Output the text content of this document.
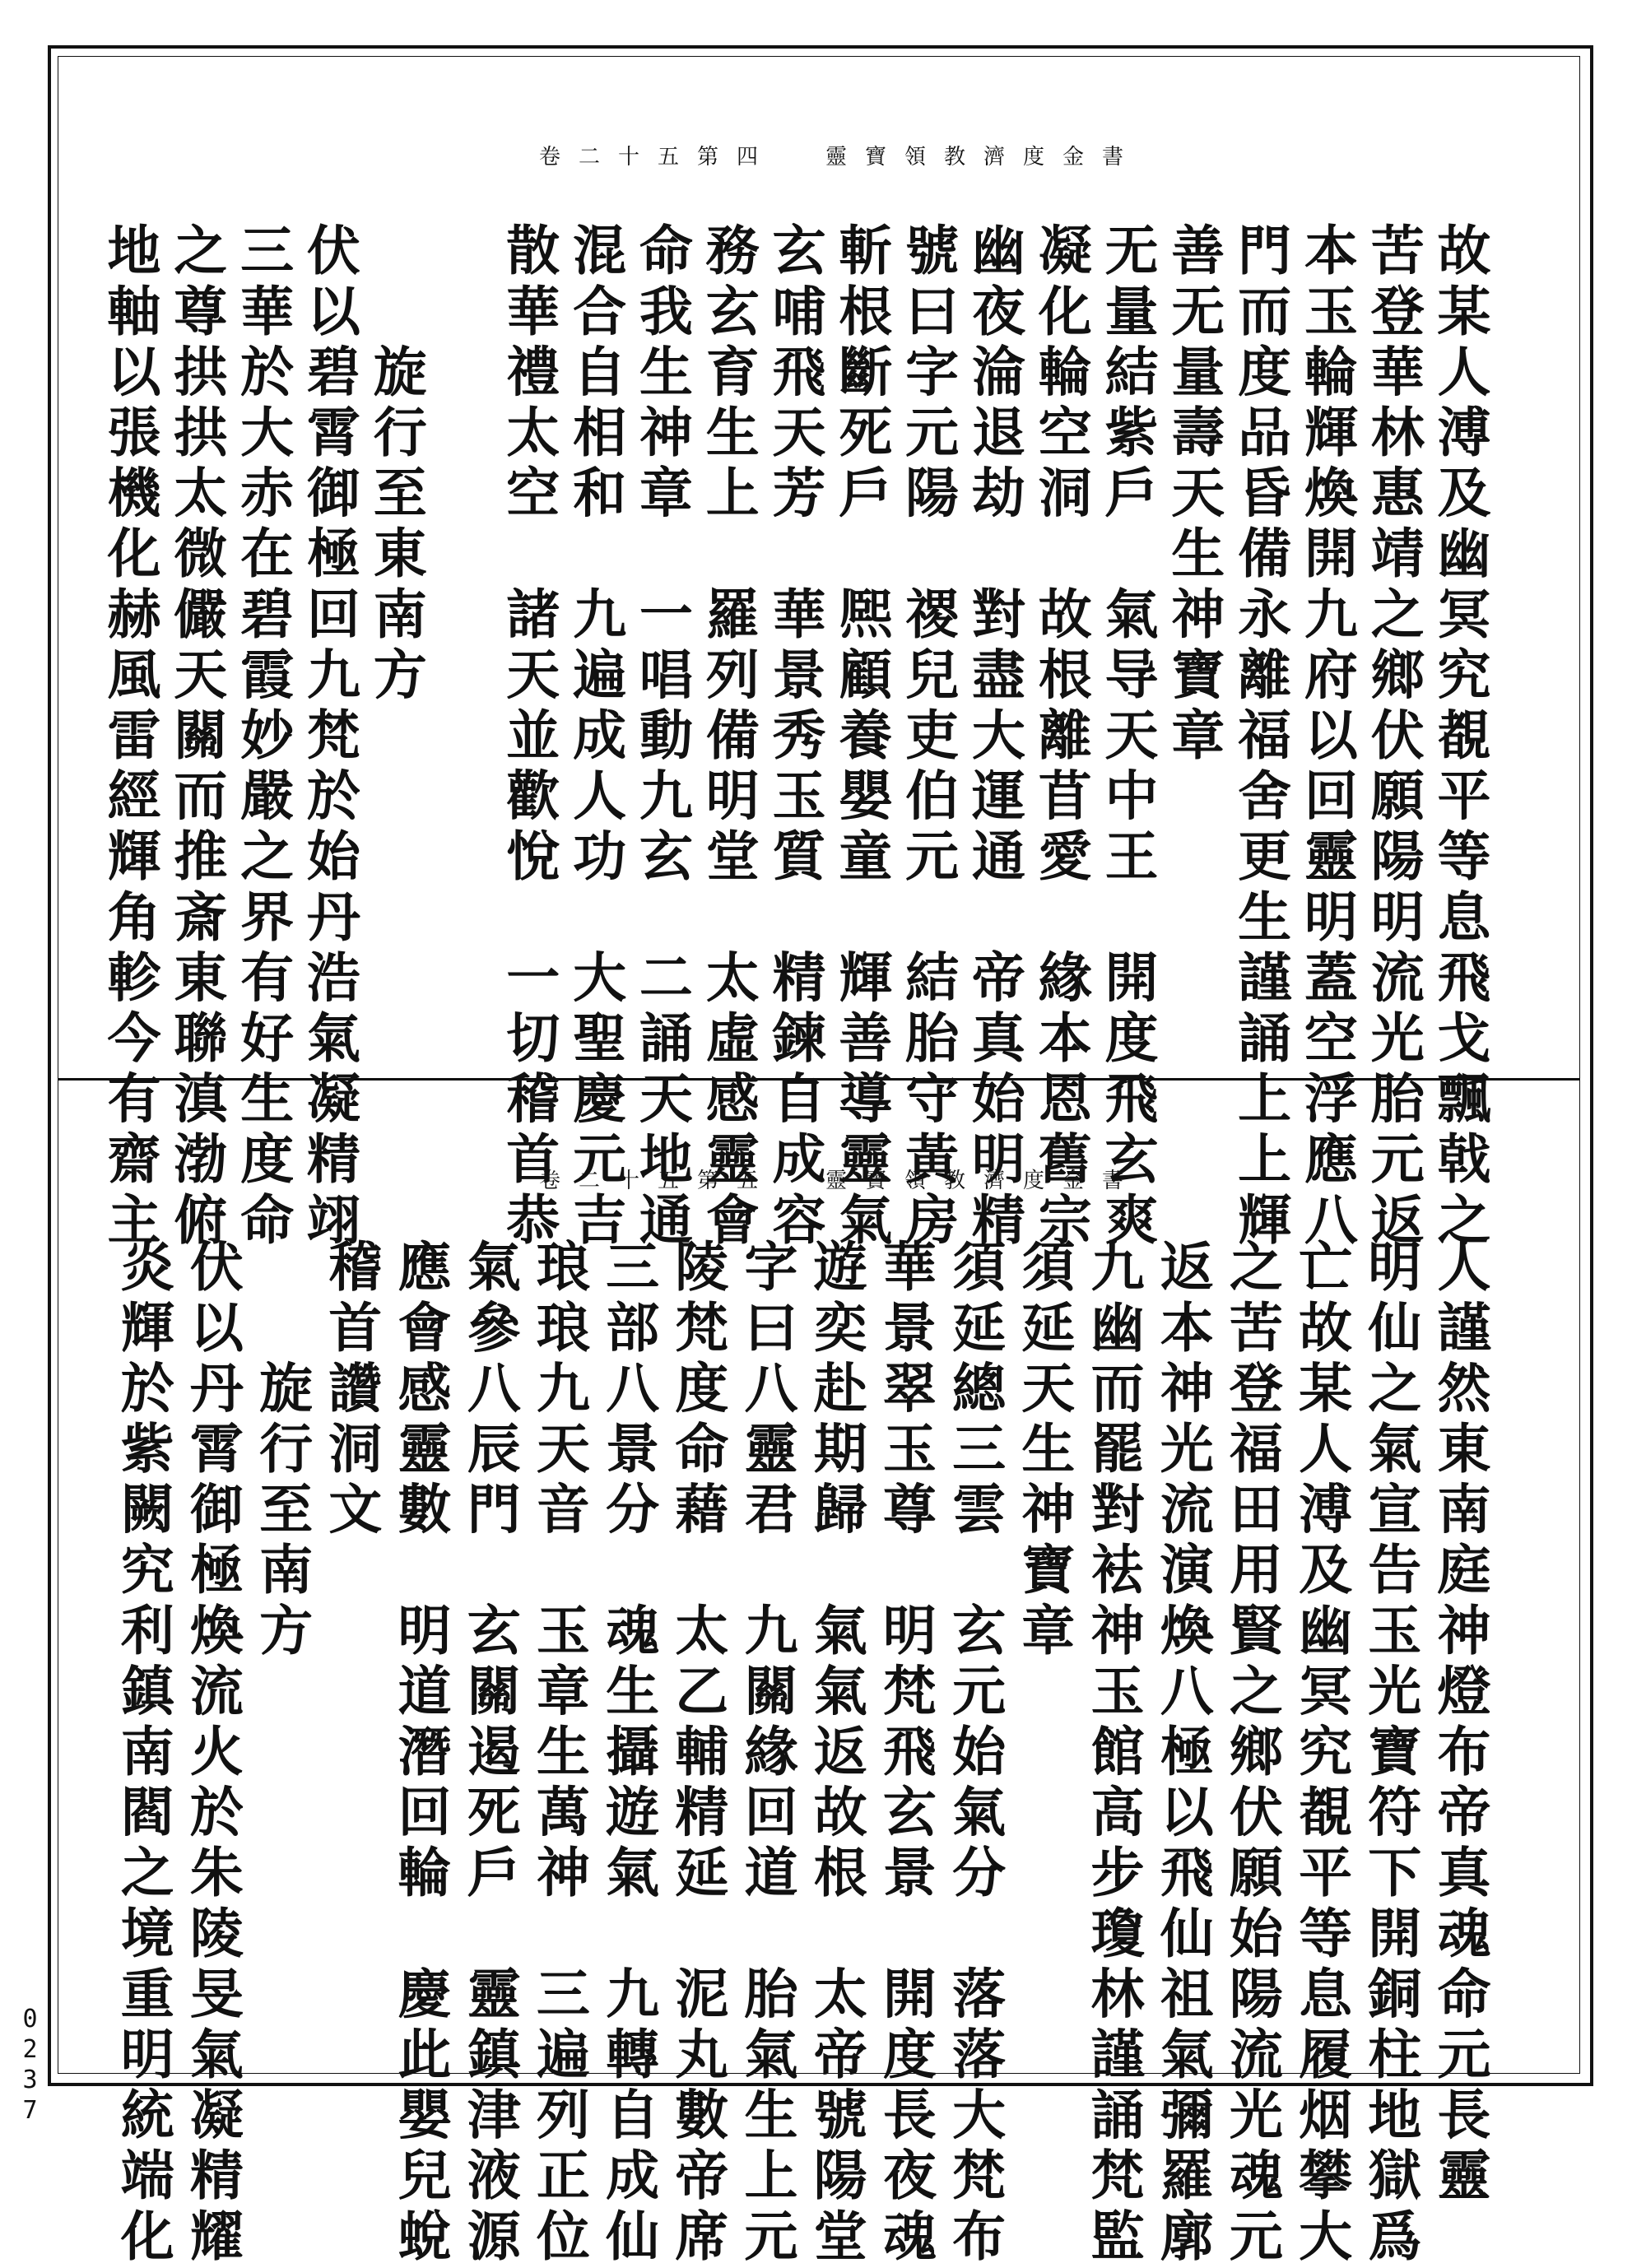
卷二十五第四 靈寶領教濟度金書
故某人溥及幽冥究覩平等息飛戈飄戟之
苦登華林惠靖之鄉伏願陽明流光胎元返
本玉輪輝煥開九府以回靈明蓋空浮應八
門而度品昏備永離福舍更生謹誦上上輝
善无量壽天生神寶章
无量結紫戶　氣导天中王　開度飛玄爽
凝化輪空洞　故根離苜愛　緣本恩舊宗
幽夜淪退劫　對盡大運通　帝真始明精
號曰字元陽　禝兒吏伯元　結胎守黃房
斬根斷死戶　熈顧養嬰童　輝善導靈氣
玄哺飛天芳　華景秀玉質　精鍊自成容
務玄育生上　羅列備明堂　太虛感靈會
命我生神章　一唱動九玄　二誦天地通
混合自相和　九遍成人功　大聖慶元吉
散華禮太空　諸天並歡悅　一切稽首恭
　　旋行至東南方
伏以碧霄御極回九梵於始丹浩氣凝精翊
三華於大赤在碧霞妙嚴之界有好生度命
之尊拱拱太微儼天關而推斎東聯滇渤俯
地軸以張機化赫風雷經輝角軫今有齋主	卷二十五第五 靈寶領教濟度金書
人謹然東南庭神燈布帝真魂命元長靈
明仙之氣宣告玉光寶符下開銅柱地獄爲
亡故某人溥及幽冥究覩平等息履烟攀大
之苦登福田用賢之鄉伏願始陽流光魂元
返本神光流演煥八極以飛仙祖氣彌羅廓
九幽而罷對袪神玉館高步瓊林謹誦梵監
須延天生神寶章
須延總三雲　玄元始氣分　落落大梵布
華景翠玉尊　明梵飛玄景　開度長夜魂
遊奕赴期歸　氣氣返故根　太帝號陽堂
字曰八靈君　九關緣回道　胎氣生上元
陵梵度命藉　太乙輔精延　泥丸數帝席
三部八景分　魂生攝遊氣　九轉自成仙
琅琅九天音　玉章生萬神　三遍列正位
氣參八辰門　玄關遏死戶　靈鎮津液源
應會感靈數　明道潛回輪　慶此嬰兒蛻
稽首讚洞文
　　旋行至南方
伏以丹霄御極煥流火於朱陵旻氣凝精耀
炎輝於紫闕究利鎮南閻之境重明統端化
0237
